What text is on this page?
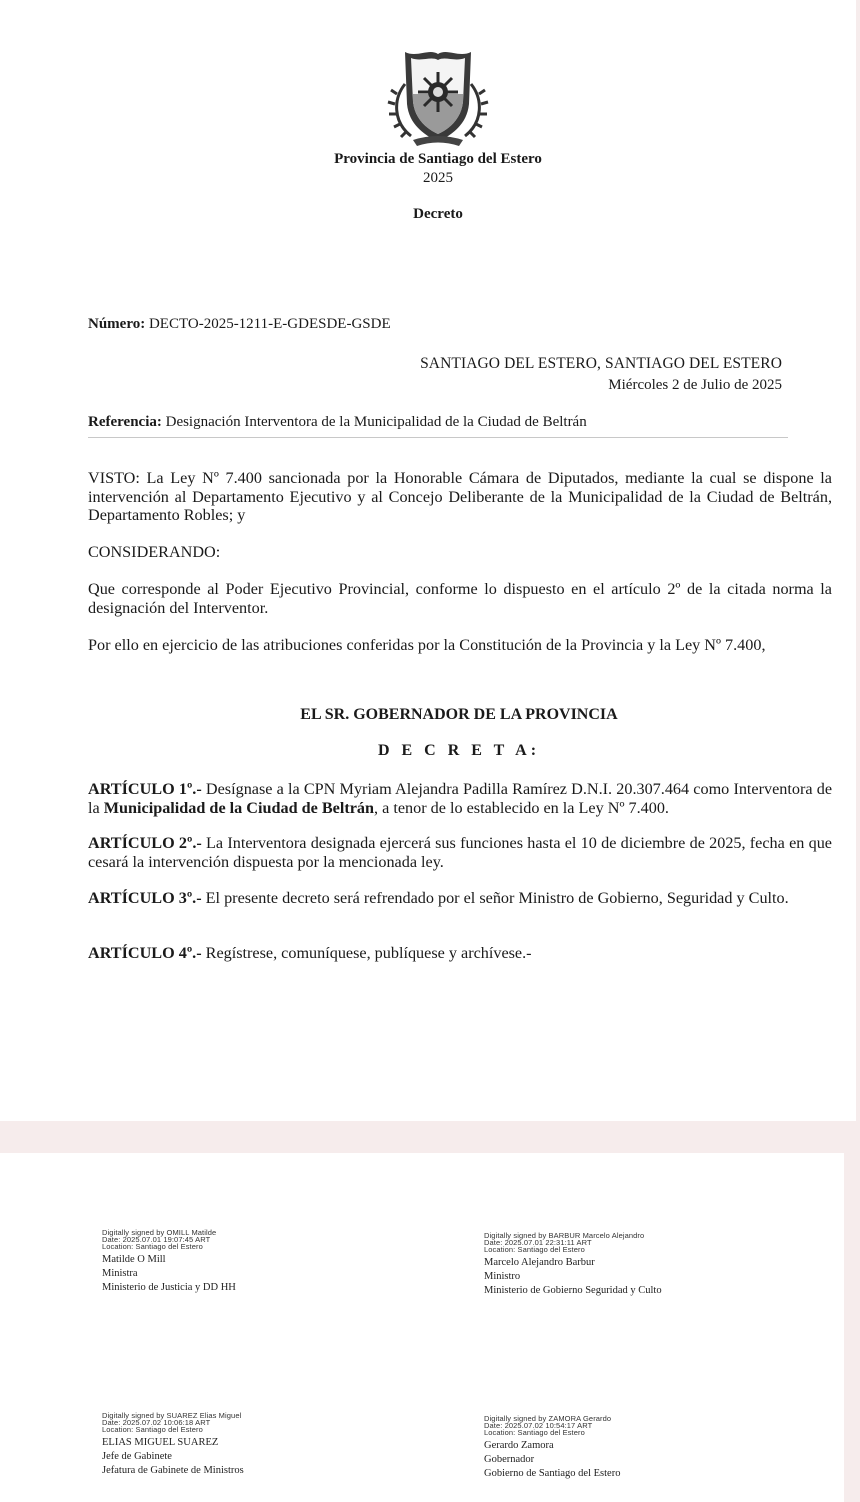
Provincia de Santiago del Estero
2025
Decreto
Número: DECTO-2025-1211-E-GDESDE-GSDE
SANTIAGO DEL ESTERO, SANTIAGO DEL ESTERO
Miércoles 2 de Julio de 2025
Referencia: Designación Interventora de la Municipalidad de la Ciudad de Beltrán
VISTO: La Ley Nº 7.400 sancionada por la Honorable Cámara de Diputados, mediante la cual se dispone la intervención al Departamento Ejecutivo y al Concejo Deliberante de la Municipalidad de la Ciudad de Beltrán, Departamento Robles; y
CONSIDERANDO:
Que corresponde al Poder Ejecutivo Provincial, conforme lo dispuesto en el artículo 2º de la citada norma la designación del Interventor.
Por ello en ejercicio de las atribuciones conferidas por la Constitución de la Provincia y la Ley Nº 7.400,
EL SR. GOBERNADOR DE LA PROVINCIA
D E C R E T A:
ARTÍCULO 1º.- Desígnase a la CPN Myriam Alejandra Padilla Ramírez D.N.I. 20.307.464 como Interventora de la Municipalidad de la Ciudad de Beltrán, a tenor de lo establecido en la Ley Nº 7.400.
ARTÍCULO 2º.- La Interventora designada ejercerá sus funciones hasta el 10 de diciembre de 2025, fecha en que cesará la intervención dispuesta por la mencionada ley.
ARTÍCULO 3º.- El presente decreto será refrendado por el señor Ministro de Gobierno, Seguridad y Culto.
ARTÍCULO 4º.- Regístrese, comuníquese, publíquese y archívese.-
Digitally signed by OMILL Matilde
Date: 2025.07.01 19:07:45 ART
Location: Santiago del Estero
Matilde O Mill
Ministra
Ministerio de Justicia y DD HH
Digitally signed by BARBUR Marcelo Alejandro
Date: 2025.07.01 22:31:11 ART
Location: Santiago del Estero
Marcelo Alejandro Barbur
Ministro
Ministerio de Gobierno Seguridad y Culto
Digitally signed by SUAREZ Elias Miguel
Date: 2025.07.02 10:06:18 ART
Location: Santiago del Estero
ELIAS MIGUEL SUAREZ
Jefe de Gabinete
Jefatura de Gabinete de Ministros
Digitally signed by ZAMORA Gerardo
Date: 2025.07.02 10:54:17 ART
Location: Santiago del Estero
Gerardo Zamora
Gobernador
Gobierno de Santiago del Estero
